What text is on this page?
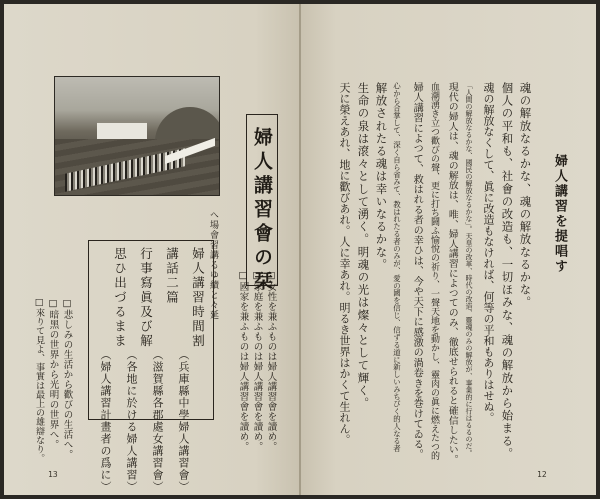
へ場會習講るゆ續と々延 婦人講習會の栞
婦人講習時間割
講話二篇
行事寫眞及び解
思ひ出づるまま
（兵庫縣中學婦人講習會）
（滋賀縣各郡處女講習會）
（各地に於ける婦人講習）
（婦人講習計畫者の爲に）	□女性を兼ふものは婦人講習會を讀め。
□家庭を兼ふものは婦人講習會を讀め。
□國家を兼ふものは婦人講習會を讀め。
□悲しみの生活から歡びの生活へ。
□暗黑の世界から光明の世界へ。
□來りて見よ、事實は最上の雄辯なり。
13
婦人講習を提唱す
魂の解放なるかな、魂の解放なるかな。
個人の平和も、社會の改造も、一切ほみな、魂の解放から始まる。
魂の解放なくして、眞に改造もなければ、何等の平和もありはせぬ。
「人間の解放なるかな、國民の解放なるかな」。天皇の改革、時代の改造、靈魂のみの解放が、事業的に行はるるのだ。
現代の婦人は、魂の解放は、唯、婦人講習によつてのみ、徹底せられると確信したい。
血潮湧き立つ歡びの聲、更に打ち鬪ふ愉悅の祈り、一聲天地を動かし、靈肉の眞に燃えたつ的
婦人講習によつて、救はれる者の幸ひは、今や天下に感激の渦卷きを巻けてゐる。
心から合掌して、深く自ら省みて、教はれたる者のみが、愛の國を信じ、信ずる道に新しいみちびく的人なる者
解放されたる魂は幸いなるかな。
生命の泉は滾々として湧く。明魂の光は燦々として輝く。
天に榮えあれ、地に歡びあれ。人に幸あれ。明るき世界はかくて生れん。
12
